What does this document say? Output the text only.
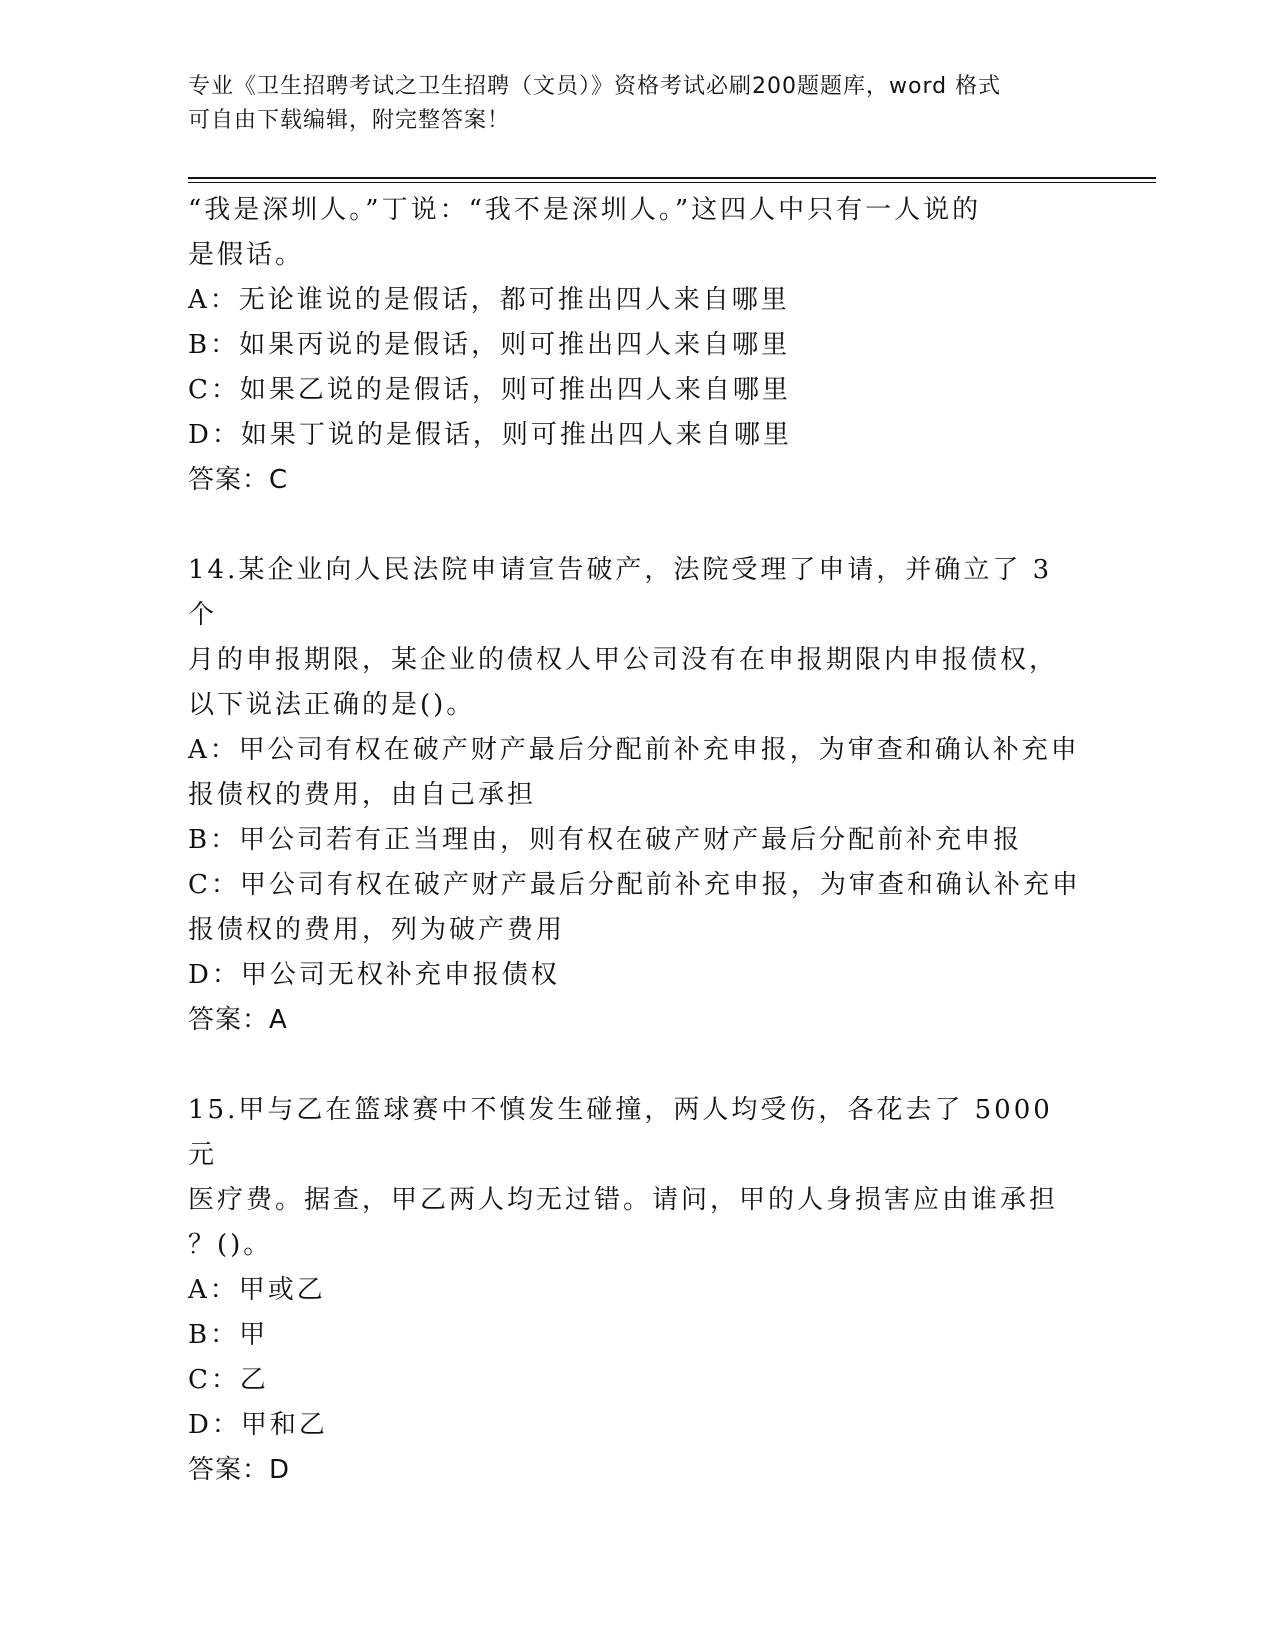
专业《卫生招聘考试之卫生招聘（文员）》资格考试必刷200题题库，word 格式
可自由下载编辑，附完整答案！

“我是深圳人。”丁说：“我不是深圳人。”这四人中只有一人说的

是假话。

A：无论谁说的是假话，都可推出四人来自哪里

B：如果丙说的是假话，则可推出四人来自哪里

C：如果乙说的是假话，则可推出四人来自哪里

D：如果丁说的是假话，则可推出四人来自哪里

答案：C

14.某企业向人民法院申请宣告破产，法院受理了申请，并确立了 3 个

月的申报期限，某企业的债权人甲公司没有在申报期限内申报债权，

以下说法正确的是()。

A：甲公司有权在破产财产最后分配前补充申报，为审查和确认补充申

报债权的费用，由自己承担

B：甲公司若有正当理由，则有权在破产财产最后分配前补充申报

C：甲公司有权在破产财产最后分配前补充申报，为审查和确认补充申

报债权的费用，列为破产费用

D：甲公司无权补充申报债权

答案：A

15.甲与乙在篮球赛中不慎发生碰撞，两人均受伤，各花去了 5000 元

医疗费。据查，甲乙两人均无过错。请问，甲的人身损害应由谁承担

？()。

A：甲或乙

B：甲

C：乙

D：甲和乙

答案：D
